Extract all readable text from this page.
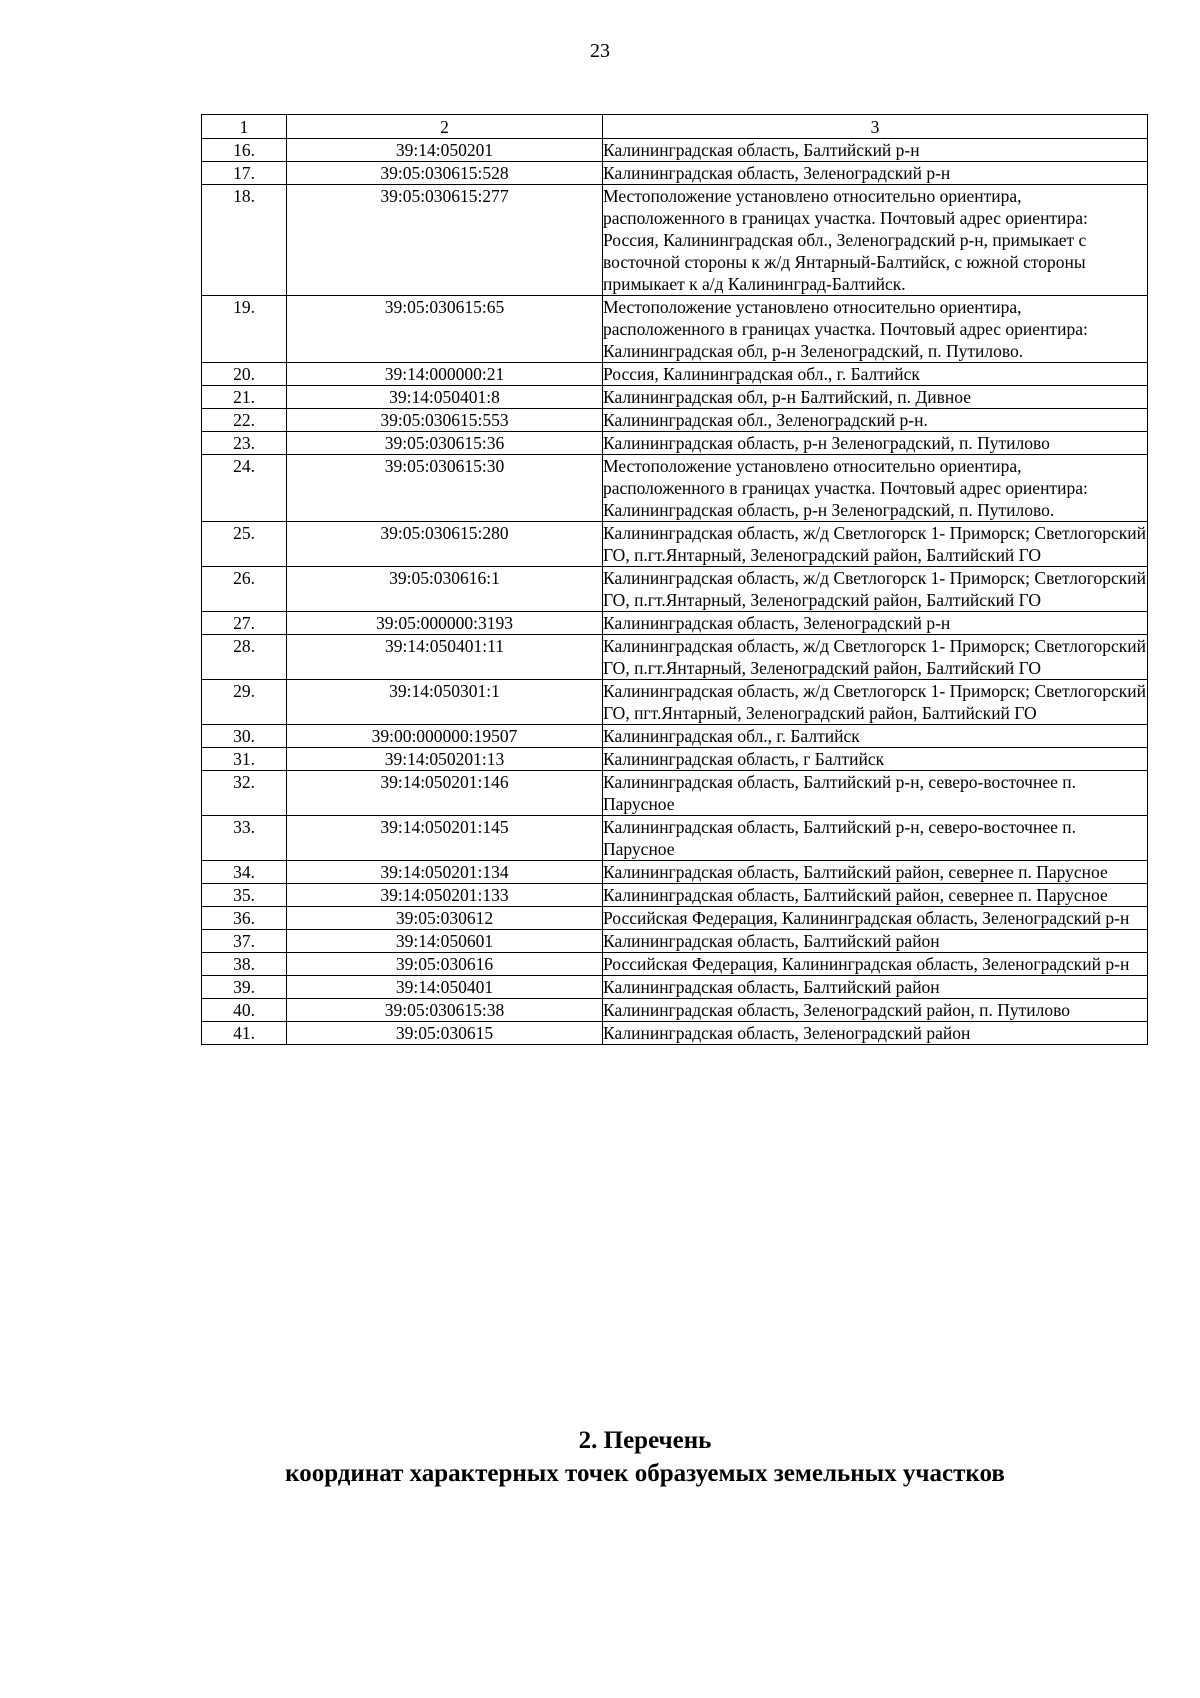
23
1	2	3
16.	39:14:050201	Калининградская область, Балтийский р-н
17.	39:05:030615:528	Калининградская область, Зеленоградский р-н
18.	39:05:030615:277	Местоположение установлено относительно ориентира, расположенного в границах участка. Почтовый адрес ориентира: Россия, Калининградская обл., Зеленоградский р-н, примыкает с восточной стороны к ж/д Янтарный-Балтийск, с южной стороны примыкает к а/д Калининград-Балтийск.
19.	39:05:030615:65	Местоположение установлено относительно ориентира, расположенного в границах участка. Почтовый адрес ориентира: Калининградская обл, р-н Зеленоградский, п. Путилово.
20.	39:14:000000:21	Россия, Калининградская обл., г. Балтийск
21.	39:14:050401:8	Калининградская обл, р-н Балтийский, п. Дивное
22.	39:05:030615:553	Калининградская обл., Зеленоградский р-н.
23.	39:05:030615:36	Калининградская область, р-н Зеленоградский, п. Путилово
24.	39:05:030615:30	Местоположение установлено относительно ориентира, расположенного в границах участка. Почтовый адрес ориентира: Калининградская область, р-н Зеленоградский, п. Путилово.
25.	39:05:030615:280	Калининградская область, ж/д Светлогорск 1- Приморск; Светлогорский ГО, п.гт.Янтарный, Зеленоградский район, Балтийский ГО
26.	39:05:030616:1	Калининградская область, ж/д Светлогорск 1- Приморск; Светлогорский ГО, п.гт.Янтарный, Зеленоградский район, Балтийский ГО
27.	39:05:000000:3193	Калининградская область, Зеленоградский р-н
28.	39:14:050401:11	Калининградская область, ж/д Светлогорск 1- Приморск; Светлогорский ГО, п.гт.Янтарный, Зеленоградский район, Балтийский ГО
29.	39:14:050301:1	Калининградская область, ж/д Светлогорск 1- Приморск; Светлогорский ГО, пгт.Янтарный, Зеленоградский район, Балтийский ГО
30.	39:00:000000:19507	Калининградская обл., г. Балтийск
31.	39:14:050201:13	Калининградская область, г Балтийск
32.	39:14:050201:146	Калининградская область, Балтийский р-н, северо-восточнее п. Парусное
33.	39:14:050201:145	Калининградская область, Балтийский р-н, северо-восточнее п. Парусное
34.	39:14:050201:134	Калининградская область, Балтийский район, севернее п. Парусное
35.	39:14:050201:133	Калининградская область, Балтийский район, севернее п. Парусное
36.	39:05:030612	Российская Федерация, Калининградская область, Зеленоградский р-н
37.	39:14:050601	Калининградская область, Балтийский район
38.	39:05:030616	Российская Федерация, Калининградская область, Зеленоградский р-н
39.	39:14:050401	Калининградская область, Балтийский район
40.	39:05:030615:38	Калининградская область, Зеленоградский район, п. Путилово
41.	39:05:030615	Калининградская область, Зеленоградский район
2. Перечень
координат характерных точек образуемых земельных участков
